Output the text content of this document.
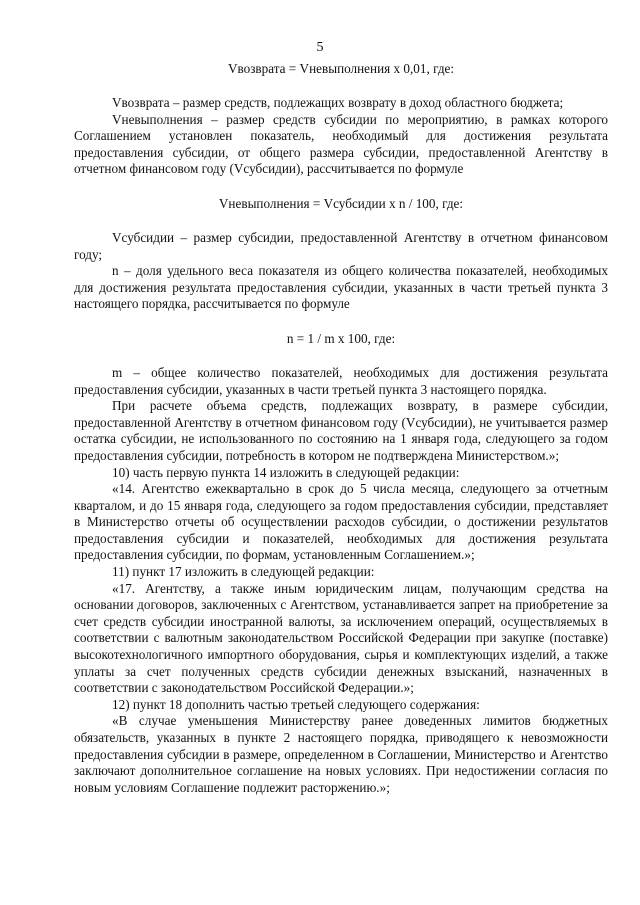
5
Vвозврата = Vневыполнения x 0,01, где:

Vвозврата – размер средств, подлежащих возврату в доход областного бюджета;

Vневыполнения – размер средств субсидии по мероприятию, в рамках которого Соглашением установлен показатель, необходимый для достижения результата предоставления субсидии, от общего размера субсидии, предоставленной Агентству в отчетном финансовом году (Vсубсидии), рассчитывается по формуле

Vневыполнения = Vсубсидии x n / 100, где:

Vсубсидии – размер субсидии, предоставленной Агентству в отчетном финансовом году;

n – доля удельного веса показателя из общего количества показателей, необходимых для достижения результата предоставления субсидии, указанных в части третьей пункта 3 настоящего порядка, рассчитывается по формуле

n = 1 / m x 100, где:

m – общее количество показателей, необходимых для достижения результата предоставления субсидии, указанных в части третьей пункта 3 настоящего порядка.

При расчете объема средств, подлежащих возврату, в размере субсидии, предоставленной Агентству в отчетном финансовом году (Vсубсидии), не учитывается размер остатка субсидии, не использованного по состоянию на 1 января года, следующего за годом предоставления субсидии, потребность в котором не подтверждена Министерством.»;

10) часть первую пункта 14 изложить в следующей редакции:

«14. Агентство ежеквартально в срок до 5 числа месяца, следующего за отчетным кварталом, и до 15 января года, следующего за годом предоставления субсидии, представляет в Министерство отчеты об осуществлении расходов субсидии, о достижении результатов предоставления субсидии и показателей, необходимых для достижения результата предоставления субсидии, по формам, установленным Соглашением.»;

11) пункт 17 изложить в следующей редакции:

«17. Агентству, а также иным юридическим лицам, получающим средства на основании договоров, заключенных с Агентством, устанавливается запрет на приобретение за счет средств субсидии иностранной валюты, за исключением операций, осуществляемых в соответствии с валютным законодательством Российской Федерации при закупке (поставке) высокотехнологичного импортного оборудования, сырья и комплектующих изделий, а также уплаты за счет полученных средств субсидии денежных взысканий, назначенных в соответствии с законодательством Российской Федерации.»;

12) пункт 18 дополнить частью третьей следующего содержания:

«В случае уменьшения Министерству ранее доведенных лимитов бюджетных обязательств, указанных в пункте 2 настоящего порядка, приводящего к невозможности предоставления субсидии в размере, определенном в Соглашении, Министерство и Агентство заключают дополнительное соглашение на новых условиях. При недостижении согласия по новым условиям Соглашение подлежит расторжению.»;
